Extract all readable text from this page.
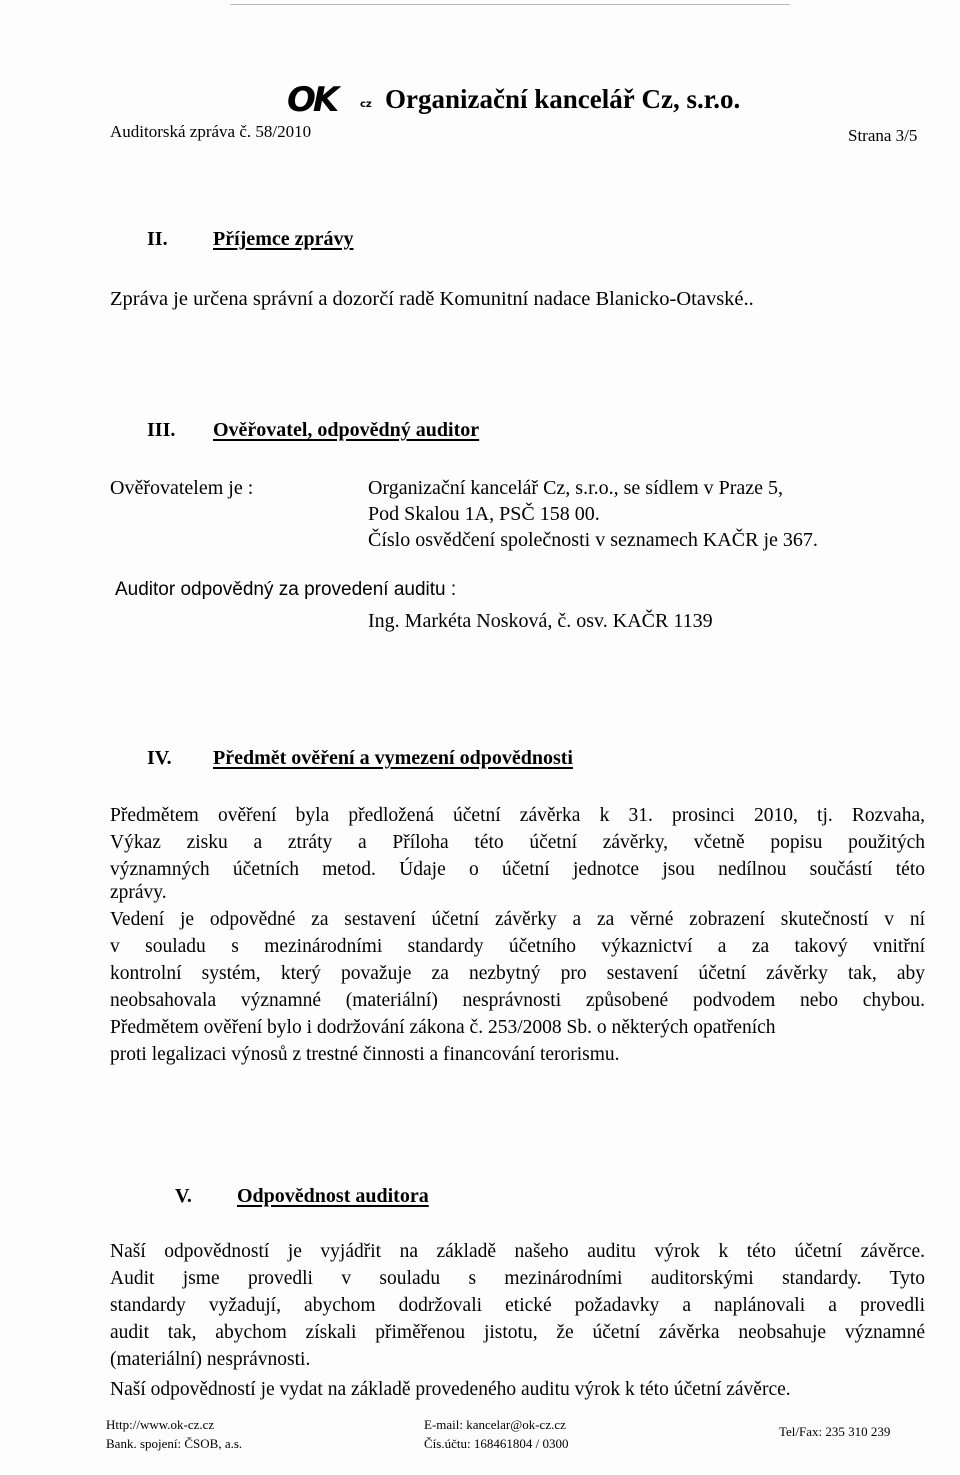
OK cz Organizační kancelář Cz, s.r.o.
Auditorská zpráva č. 58/2010	Strana 3/5
II. Příjemce zprávy
Zpráva je určena správní a dozorčí radě Komunitní nadace Blanicko-Otavské..
III. Ověřovatel, odpovědný auditor
Ověřovatelem je :	Organizační kancelář Cz, s.r.o., se sídlem v Praze 5,
Pod Skalou 1A, PSČ 158 00.
Číslo osvědčení společnosti v seznamech KAČR je 367.
Auditor odpovědný za provedení auditu :
Ing. Markéta Nosková, č. osv. KAČR 1139
IV. Předmět ověření a vymezení odpovědnosti
Předmětem ověření byla předložená účetní závěrka k 31. prosinci 2010, tj. Rozvaha,
Výkaz zisku a ztráty a Příloha této účetní závěrky, včetně popisu použitých
významných účetních metod. Údaje o účetní jednotce jsou nedílnou součástí této
zprávy.
Vedení je odpovědné za sestavení účetní závěrky a za věrné zobrazení skutečností v ní
v souladu s mezinárodními standardy účetního výkaznictví a za takový vnitřní
kontrolní systém, který považuje za nezbytný pro sestavení účetní závěrky tak, aby
neobsahovala významné (materiální) nesprávnosti způsobené podvodem nebo chybou.
Předmětem ověření bylo i dodržování zákona č. 253/2008 Sb. o některých opatřeních
proti legalizaci výnosů z trestné činnosti a financování terorismu.
V. Odpovědnost auditora
Naší odpovědností je vyjádřit na základě našeho auditu výrok k této účetní závěrce.
Audit jsme provedli v souladu s mezinárodními auditorskými standardy. Tyto
standardy vyžadují, abychom dodržovali etické požadavky a naplánovali a provedli
audit tak, abychom získali přiměřenou jistotu, že účetní závěrka neobsahuje významné
(materiální) nesprávnosti.
Naší odpovědností je vydat na základě provedeného auditu výrok k této účetní závěrce.
Http://www.ok-cz.cz
Bank. spojení: ČSOB, a.s.
E-mail: kancelar@ok-cz.cz
Čís.účtu: 168461804 / 0300
Tel/Fax: 235 310 239
